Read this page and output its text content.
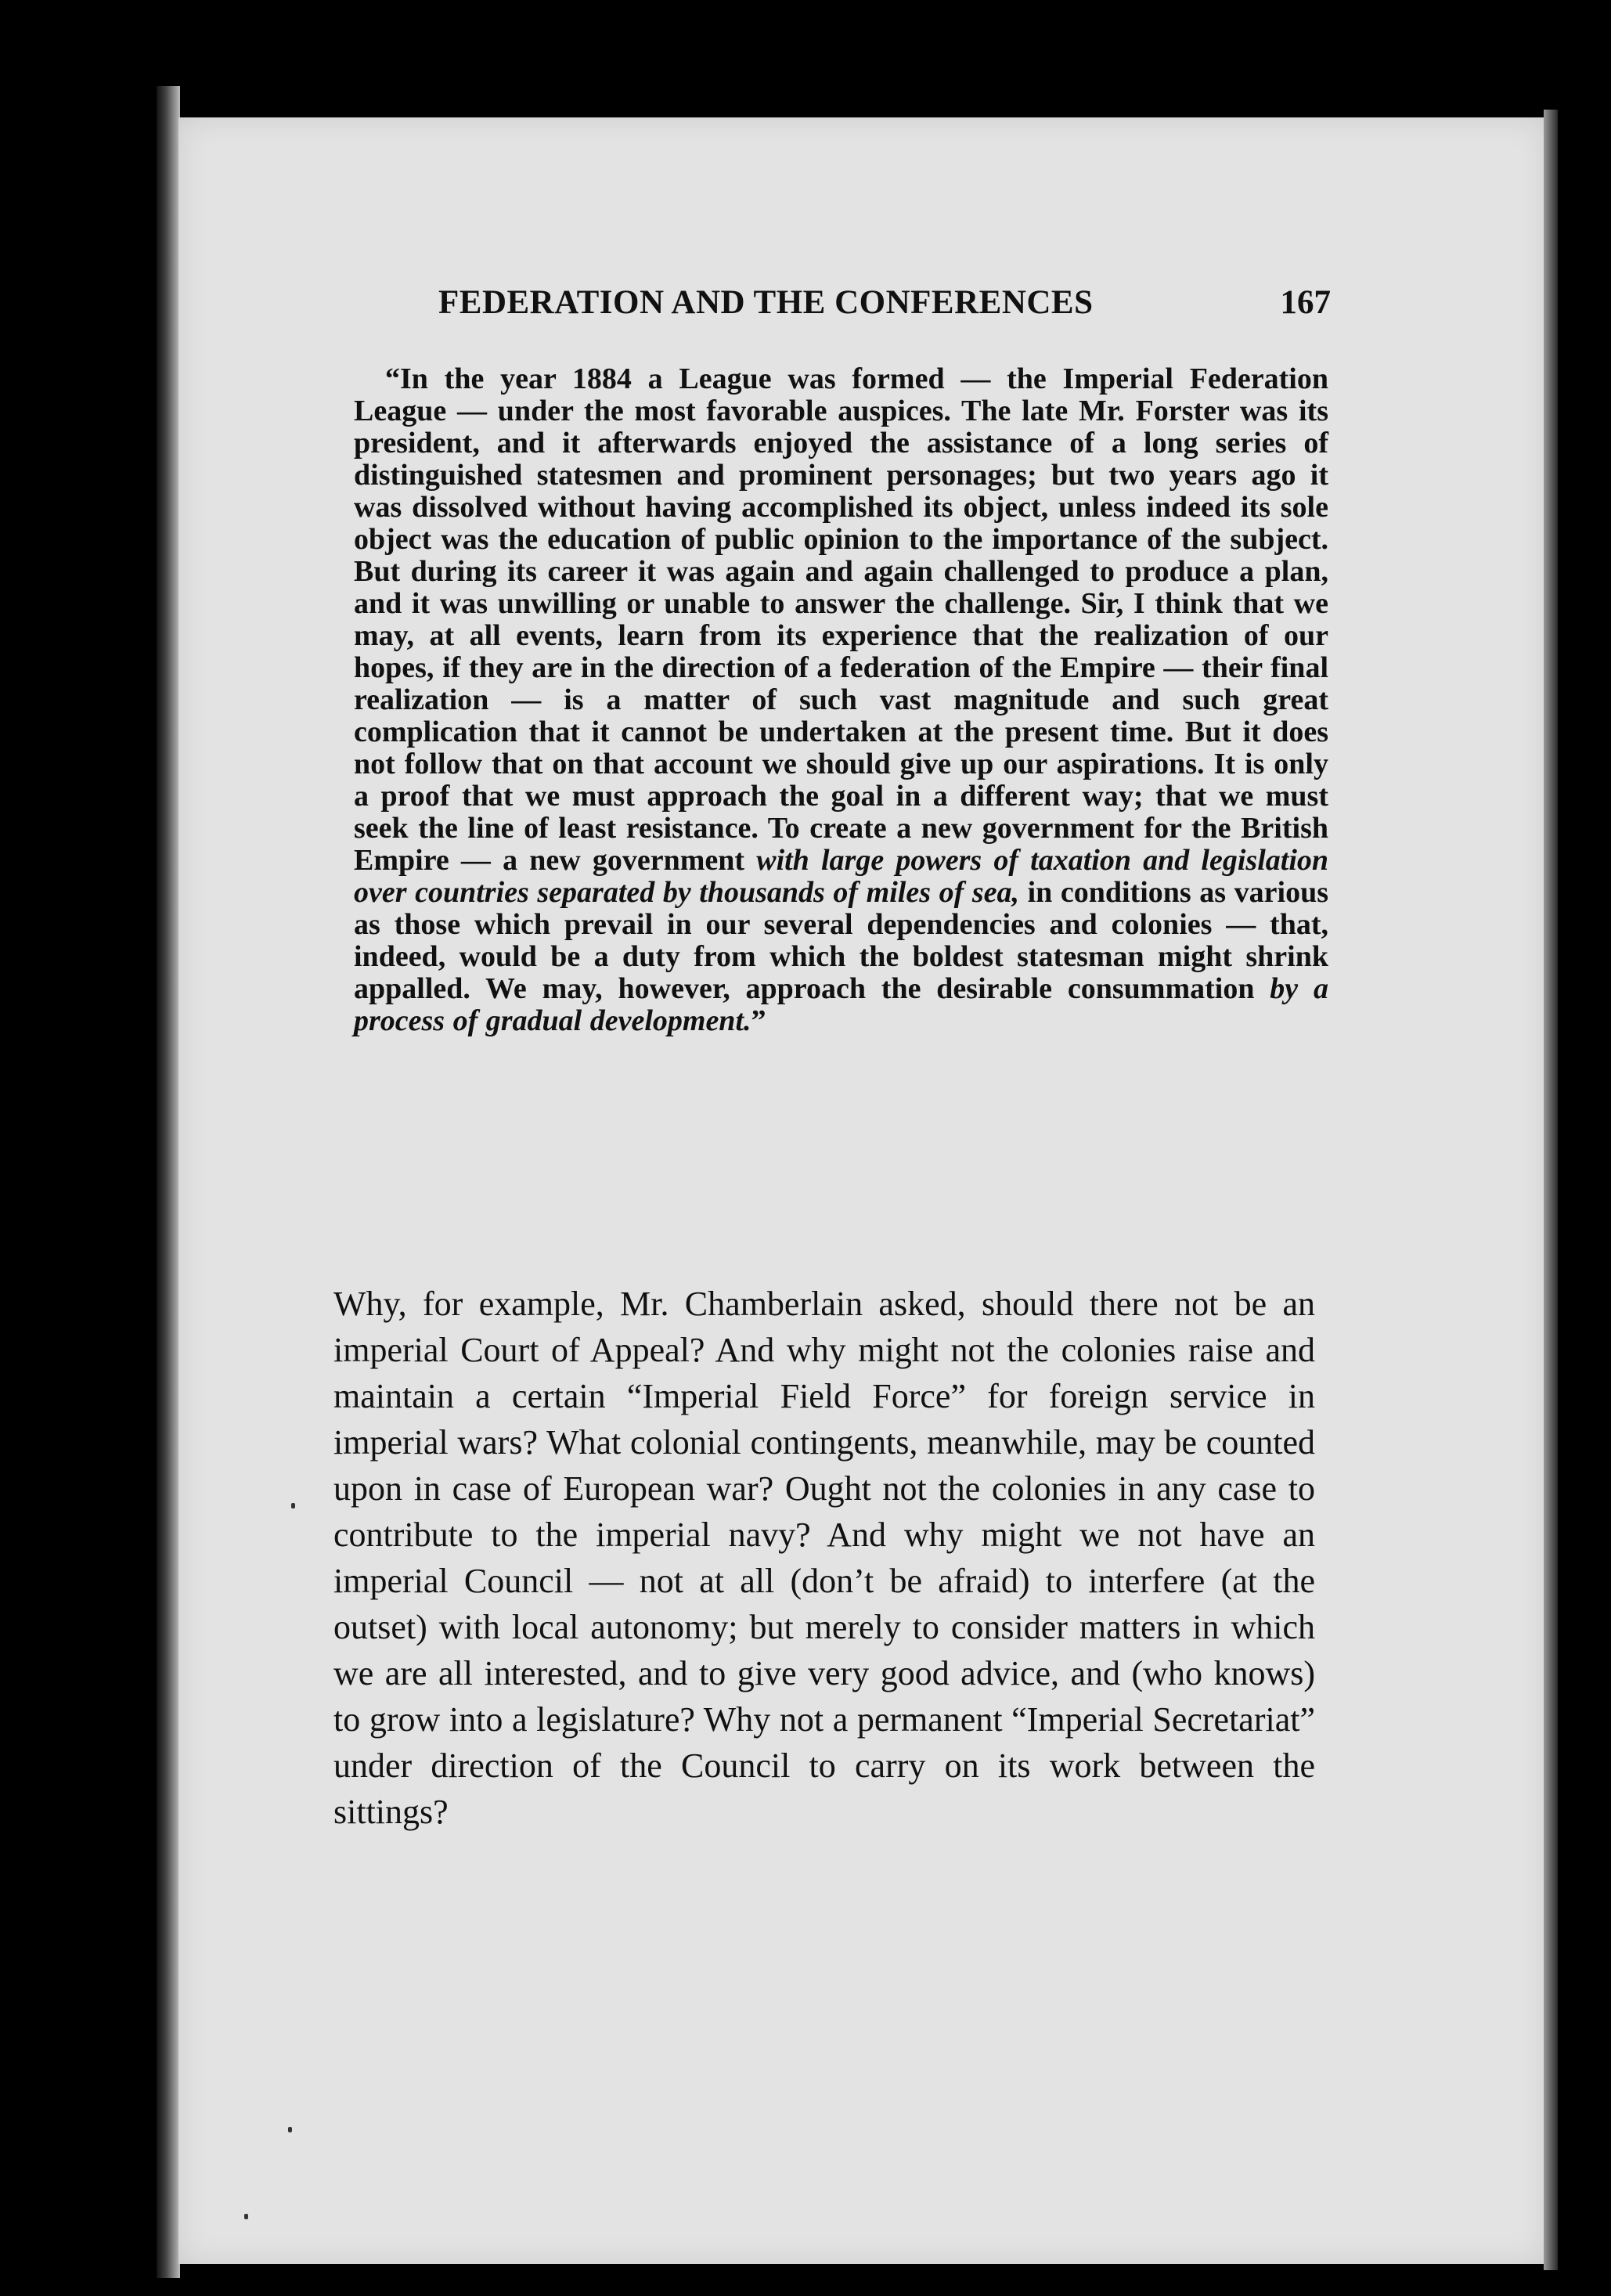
FEDERATION AND THE CONFERENCES	167

“In the year 1884 a League was formed — the Imperial Federation League — under the most favorable auspices. The late Mr. Forster was its president, and it afterwards enjoyed the assistance of a long series of distinguished statesmen and prominent personages; but two years ago it was dissolved without having accomplished its object, unless indeed its sole object was the education of public opinion to the importance of the subject. But during its career it was again and again challenged to produce a plan, and it was unwilling or unable to answer the challenge. Sir, I think that we may, at all events, learn from its experience that the realization of our hopes, if they are in the direction of a federation of the Empire — their final realization — is a matter of such vast magnitude and such great complication that it cannot be undertaken at the present time. But it does not follow that on that account we should give up our aspirations. It is only a proof that we must approach the goal in a different way; that we must seek the line of least resistance. To create a new government for the British Empire — a new government with large powers of taxation and legislation over countries separated by thousands of miles of sea, in conditions as various as those which prevail in our several dependencies and colonies — that, indeed, would be a duty from which the boldest statesman might shrink appalled. We may, however, approach the desirable consummation by a process of gradual development.”

Why, for example, Mr. Chamberlain asked, should there not be an imperial Court of Appeal? And why might not the colonies raise and maintain a certain “Imperial Field Force” for foreign service in imperial wars? What colonial contingents, meanwhile, may be counted upon in case of European war? Ought not the colonies in any case to contribute to the imperial navy? And why might we not have an imperial Council — not at all (don’t be afraid) to interfere (at the outset) with local autonomy; but merely to consider matters in which we are all interested, and to give very good advice, and (who knows) to grow into a legislature? Why not a permanent “Imperial Secretariat” under direction of the Council to carry on its work between the sittings?
